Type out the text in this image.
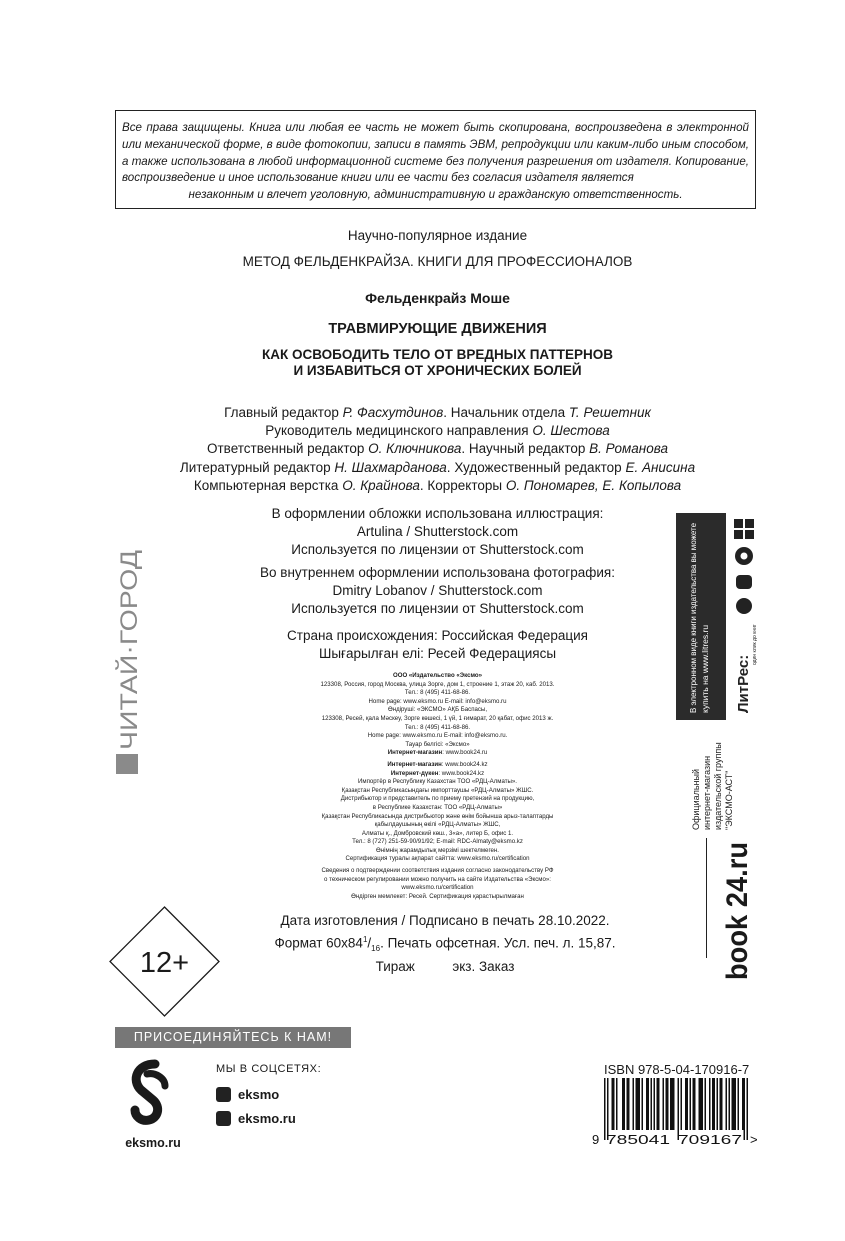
Все права защищены. Книга или любая ее часть не может быть скопирована, воспроизведена в электронной или механической форме, в виде фотокопии, записи в память ЭВМ, репродукции или каким-либо иным способом, а также использована в любой информационной системе без получения разрешения от издателя. Копирование, воспроизведение и иное использование книги или ее части без согласия издателя является
незаконным и влечет уголовную, административную и гражданскую ответственность.
Научно-популярное издание
МЕТОД ФЕЛЬДЕНКРАЙЗА. КНИГИ ДЛЯ ПРОФЕССИОНАЛОВ
Фельденкрайз Моше
ТРАВМИРУЮЩИЕ ДВИЖЕНИЯ
КАК ОСВОБОДИТЬ ТЕЛО ОТ ВРЕДНЫХ ПАТТЕРНОВ
И ИЗБАВИТЬСЯ ОТ ХРОНИЧЕСКИХ БОЛЕЙ
Главный редактор Р. Фасхутдинов. Начальник отдела Т. Решетник
Руководитель медицинского направления О. Шестова
Ответственный редактор О. Ключникова. Научный редактор В. Романова
Литературный редактор Н. Шахмарданова. Художественный редактор Е. Анисина
Компьютерная верстка О. Крайнова. Корректоры О. Пономарев, Е. Копылова
В оформлении обложки использована иллюстрация:
Artulina / Shutterstock.com
Используется по лицензии от Shutterstock.com
Во внутреннем оформлении использована фотография:
Dmitry Lobanov / Shutterstock.com
Используется по лицензии от Shutterstock.com
Страна происхождения: Российская Федерация
Шығарылған елі: Ресей Федерациясы
ООО «Издательство «Эксмо»
123308, Россия, город Москва, улица Зорге, дом 1, строение 1, этаж 20, каб. 2013.
Тел.: 8 (495) 411-68-86.
Home page: www.eksmo.ru E-mail: info@eksmo.ru
Өндіруші: «ЭКСМО» АҚБ Баспасы,
123308, Ресей, қала Мәскеу, Зорге көшесі, 1 үй, 1 ғимарат, 20 қабат, офис 2013 ж.
Тел.: 8 (495) 411-68-86.
Home page: www.eksmo.ru E-mail: info@eksmo.ru.
Тауар белгісі: «Эксмо»
Интернет-магазин: www.book24.ru
Интернет-магазин: www.book24.kz
Интернет-дүкен: www.book24.kz
Импортёр в Республику Казахстан ТОО «РДЦ-Алматы».
Қазақстан Республикасындағы импорттаушы «РДЦ-Алматы» ЖШС.
Дистрибьютор и представитель по приему претензий на продукцию,
в Республике Казахстан: ТОО «РДЦ-Алматы»
Қазақстан Республикасында дистрибьютор және өнім бойынша арыз-талаптарды
қабылдаушының өкілі «РДЦ-Алматы» ЖШС,
Алматы қ., Домбровский көш., 3«а», литер Б, офис 1.
Тел.: 8 (727) 251-59-90/91/92; E-mail: RDC-Almaty@eksmo.kz
Өнімнің жарамдылық мерзімі шектелмеген.
Сертификация туралы ақпарат сайтта: www.eksmo.ru/certification
Сведения о подтверждении соответствия издания согласно законодательству РФ
о техническом регулировании можно получить на сайте Издательства «Эксмо»:
www.eksmo.ru/certification
Өндірген мемлекет: Ресей. Сертификация қарастырылмаған
Дата изготовления / Подписано в печать 28.10.2022.
Формат $60x84^1/_{16}$. Печать офсетная. Усл. печ. л. 15,87.
Тираж          экз. Заказ
ЧИТАЙ·ГОРОД
12+
ПРИСОЕДИНЯЙТЕСЬ К НАМ!
eksmo.ru
МЫ В СОЦСЕТЯХ:
eksmo
eksmo.ru
В электронном виде книги издательства вы можете купить на www.litres.ru ЛитРес:
один клик до книг
Официальный интернет-магазин издательской группы "ЭКСМО-АСТ"
book 24.ru
ISBN 978-5-04-170916-7
9 785041 709167 >
